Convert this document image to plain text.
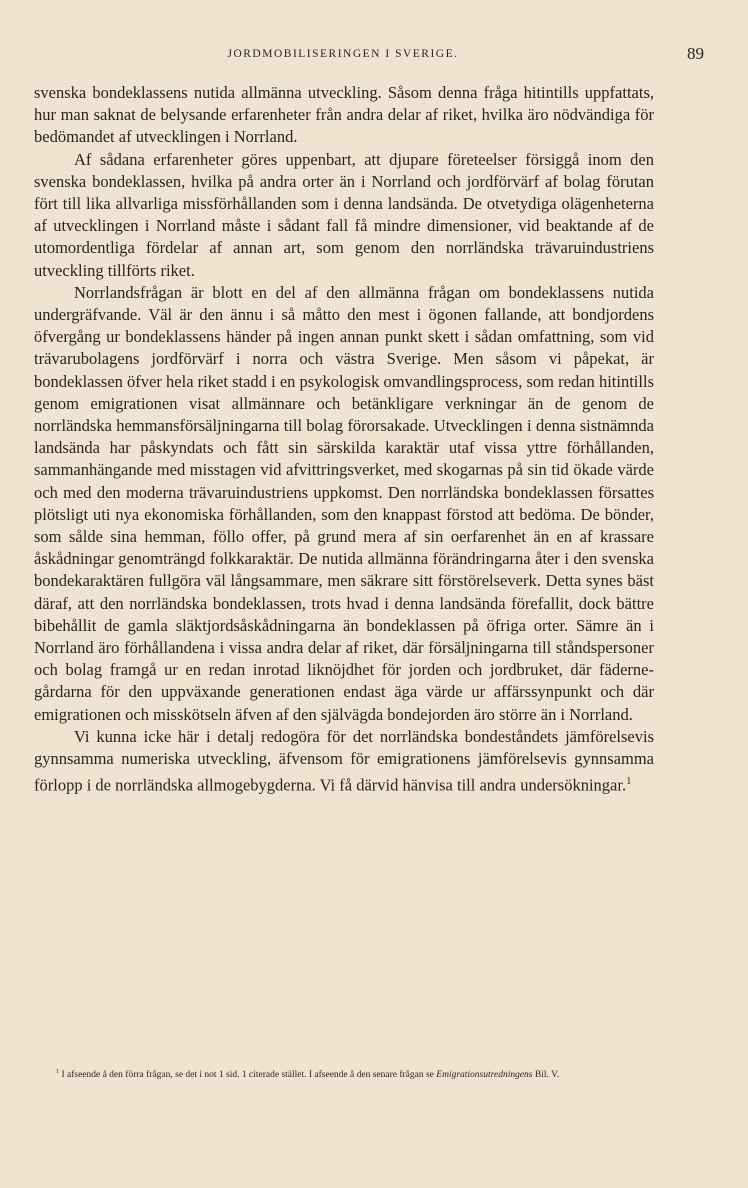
JORDMOBILISERINGEN I SVERIGE.	89

svenska bondeklassens nutida allmänna utveckling. Såsom denna fråga hitintills uppfattats, hur man saknat de belysande erfarenheter från andra delar af riket, hvilka äro nödvändiga för bedömandet af utvecklingen i Norrland.

Af sådana erfarenheter göres uppenbart, att djupare företeelser försiggå inom den svenska bondeklassen, hvilka på andra orter än i Norrland och jordförvärf af bolag förutan fört till lika allvarliga missförhållanden som i denna landsända. De otvetydiga olägenheterna af utvecklingen i Norrland måste i sådant fall få mindre dimensioner, vid beaktande af de utomordentliga fördelar af annan art, som genom den norrländska trävaruindustriens utveckling tillförts riket.

Norrlandsfrågan är blott en del af den allmänna frågan om bondeklassens nutida undergräfvande. Väl är den ännu i så måtto den mest i ögonen fallande, att bondjordens öfvergång ur bondeklassens händer på ingen annan punkt skett i sådan omfattning, som vid trävarubolagens jordförvärf i norra och västra Sverige. Men såsom vi påpekat, är bondeklassen öfver hela riket stadd i en psykologisk omvandlingsprocess, som redan hitintills genom emigrationen visat allmännare och betänkligare verkningar än de genom de norrländska hemmansförsäljningarna till bolag förorsakade. Utvecklingen i denna sistnämnda landsända har påskyndats och fått sin särskilda karaktär utaf vissa yttre förhållanden, sammanhängande med misstagen vid afvittringsverket, med skogarnas på sin tid ökade värde och med den moderna trävaruindustriens uppkomst. Den norrländska bondeklassen försattes plötsligt uti nya ekonomiska förhållanden, som den knappast förstod att bedöma. De bönder, som sålde sina hemman, föllo offer, på grund mera af sin oerfarenhet än en af krassare åskådningar genomträngd folkkaraktär. De nutida allmänna förändringarna åter i den svenska bondekaraktären fullgöra väl långsammare, men säkrare sitt förstörelseverk. Detta synes bäst däraf, att den norrländska bondeklassen, trots hvad i denna landsända förefallit, dock bättre bibehållit de gamla släktjordsåskådningarna än bondeklassen på öfriga orter. Sämre än i Norrland äro förhållandena i vissa andra delar af riket, där försäljningarna till ståndspersoner och bolag framgå ur en redan inrotad liknöjdhet för jorden och jordbruket, där fäderne-gårdarna för den uppväxande generationen endast äga värde ur affärssynpunkt och där emigrationen och misskötseln äfven af den självägda bondejorden äro större än i Norrland.

Vi kunna icke här i detalj redogöra för det norrländska bondeståndets jämförelsevis gynnsamma numeriska utveckling, äfvensom för emigrationens jämförelsevis gynnsamma förlopp i de norrländska allmogebygderna. Vi få därvid hänvisa till andra undersökningar.$^1$

$^1$ I afseende å den förra frågan, se det i not 1 sid. 1 citerade stället. I afseende å den senare frågan se Emigrationsutredningens Bil. V.
